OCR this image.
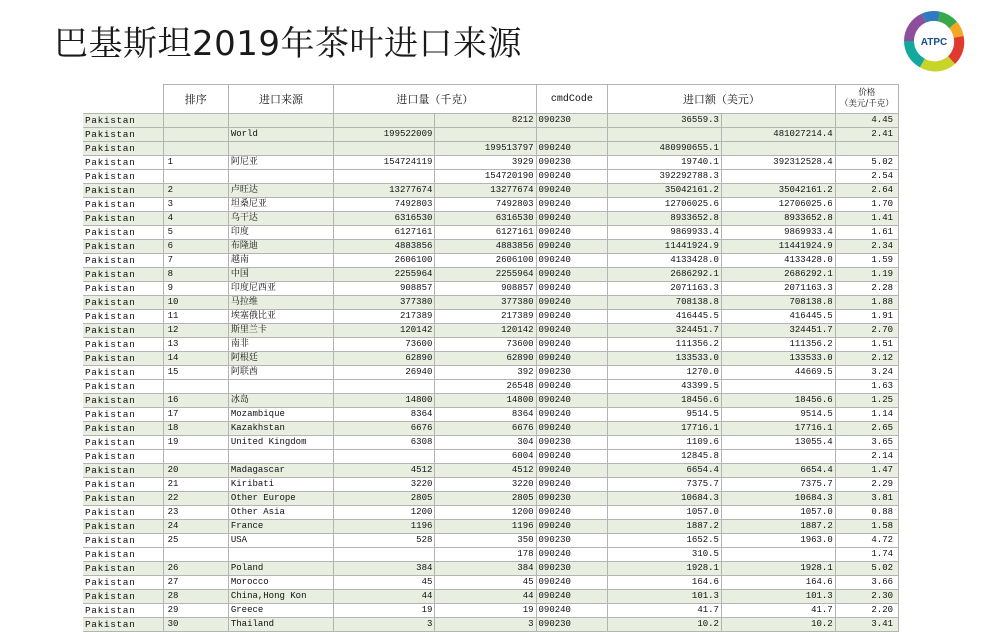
巴基斯坦2019年茶叶进口来源	ATPC
	排序	进口来源	进口量（千克）		cmdCode	进口额（美元）		价格
（美元/千克）
Pakistan				8212	090230	36559.3		4.45
Pakistan		World	199522009				481027214.4	2.41
Pakistan				199513797	090240	480990655.1		
Pakistan	1	阿尼亚	154724119	3929	090230	19740.1	392312528.4	5.02
Pakistan				154720190	090240	392292788.3		2.54
Pakistan	2	卢旺达	13277674	13277674	090240	35042161.2	35042161.2	2.64
Pakistan	3	坦桑尼亚	7492803	7492803	090240	12706025.6	12706025.6	1.70
Pakistan	4	乌干达	6316530	6316530	090240	8933652.8	8933652.8	1.41
Pakistan	5	印度	6127161	6127161	090240	9869933.4	9869933.4	1.61
Pakistan	6	布隆迪	4883856	4883856	090240	11441924.9	11441924.9	2.34
Pakistan	7	越南	2606100	2606100	090240	4133428.0	4133428.0	1.59
Pakistan	8	中国	2255964	2255964	090240	2686292.1	2686292.1	1.19
Pakistan	9	印度尼西亚	908857	908857	090240	2071163.3	2071163.3	2.28
Pakistan	10	马拉维	377380	377380	090240	708138.8	708138.8	1.88
Pakistan	11	埃塞俄比亚	217389	217389	090240	416445.5	416445.5	1.91
Pakistan	12	斯里兰卡	120142	120142	090240	324451.7	324451.7	2.70
Pakistan	13	南非	73600	73600	090240	111356.2	111356.2	1.51
Pakistan	14	阿根廷	62890	62890	090240	133533.0	133533.0	2.12
Pakistan	15	阿联酋	26940	392	090230	1270.0	44669.5	3.24
Pakistan				26548	090240	43399.5		1.63
Pakistan	16	冰岛	14800	14800	090240	18456.6	18456.6	1.25
Pakistan	17	Mozambique	8364	8364	090240	9514.5	9514.5	1.14
Pakistan	18	Kazakhstan	6676	6676	090240	17716.1	17716.1	2.65
Pakistan	19	United Kingdom	6308	304	090230	1109.6	13055.4	3.65
Pakistan				6004	090240	12845.8		2.14
Pakistan	20	Madagascar	4512	4512	090240	6654.4	6654.4	1.47
Pakistan	21	Kiribati	3220	3220	090240	7375.7	7375.7	2.29
Pakistan	22	Other Europe	2805	2805	090230	10684.3	10684.3	3.81
Pakistan	23	Other Asia	1200	1200	090240	1057.0	1057.0	0.88
Pakistan	24	France	1196	1196	090240	1887.2	1887.2	1.58
Pakistan	25	USA	528	350	090230	1652.5	1963.0	4.72
Pakistan				178	090240	310.5		1.74
Pakistan	26	Poland	384	384	090230	1928.1	1928.1	5.02
Pakistan	27	Morocco	45	45	090240	164.6	164.6	3.66
Pakistan	28	China,Hong Kon	44	44	090240	101.3	101.3	2.30
Pakistan	29	Greece	19	19	090240	41.7	41.7	2.20
Pakistan	30	Thailand	3	3	090230	10.2	10.2	3.41
